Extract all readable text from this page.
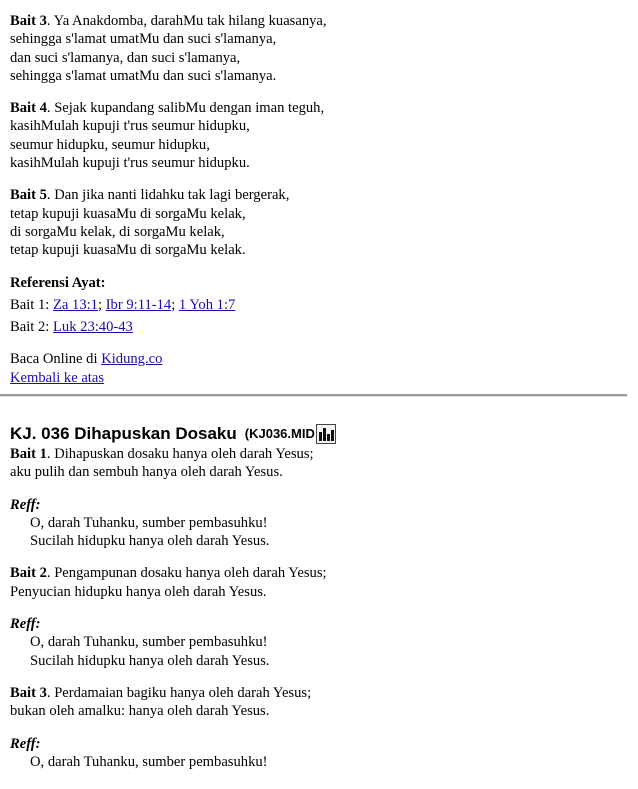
Bait 3. Ya Anakdomba, darahMu tak hilang kuasanya,
sehingga s'lamat umatMu dan suci s'lamanya,
dan suci s'lamanya, dan suci s'lamanya,
sehingga s'lamat umatMu dan suci s'lamanya.
Bait 4. Sejak kupandang salibMu dengan iman teguh,
kasihMulah kupuji t'rus seumur hidupku,
seumur hidupku, seumur hidupku,
kasihMulah kupuji t'rus seumur hidupku.
Bait 5. Dan jika nanti lidahku tak lagi bergerak,
tetap kupuji kuasaMu di sorgaMu kelak,
di sorgaMu kelak, di sorgaMu kelak,
tetap kupuji kuasaMu di sorgaMu kelak.
Referensi Ayat:
Bait 1: Za 13:1; Ibr 9:11-14; 1 Yoh 1:7
Bait 2: Luk 23:40-43
Baca Online di Kidung.co
Kembali ke atas
KJ. 036 Dihapuskan Dosaku (KJ036.MID
Bait 1. Dihapuskan dosaku hanya oleh darah Yesus;
aku pulih dan sembuh hanya oleh darah Yesus.
Reff:
O, darah Tuhanku, sumber pembasuhku!
Sucilah hidupku hanya oleh darah Yesus.
Bait 2. Pengampunan dosaku hanya oleh darah Yesus;
Penyucian hidupku hanya oleh darah Yesus.
Reff:
O, darah Tuhanku, sumber pembasuhku!
Sucilah hidupku hanya oleh darah Yesus.
Bait 3. Perdamaian bagiku hanya oleh darah Yesus;
bukan oleh amalku: hanya oleh darah Yesus.
Reff:
O, darah Tuhanku, sumber pembasuhku!
